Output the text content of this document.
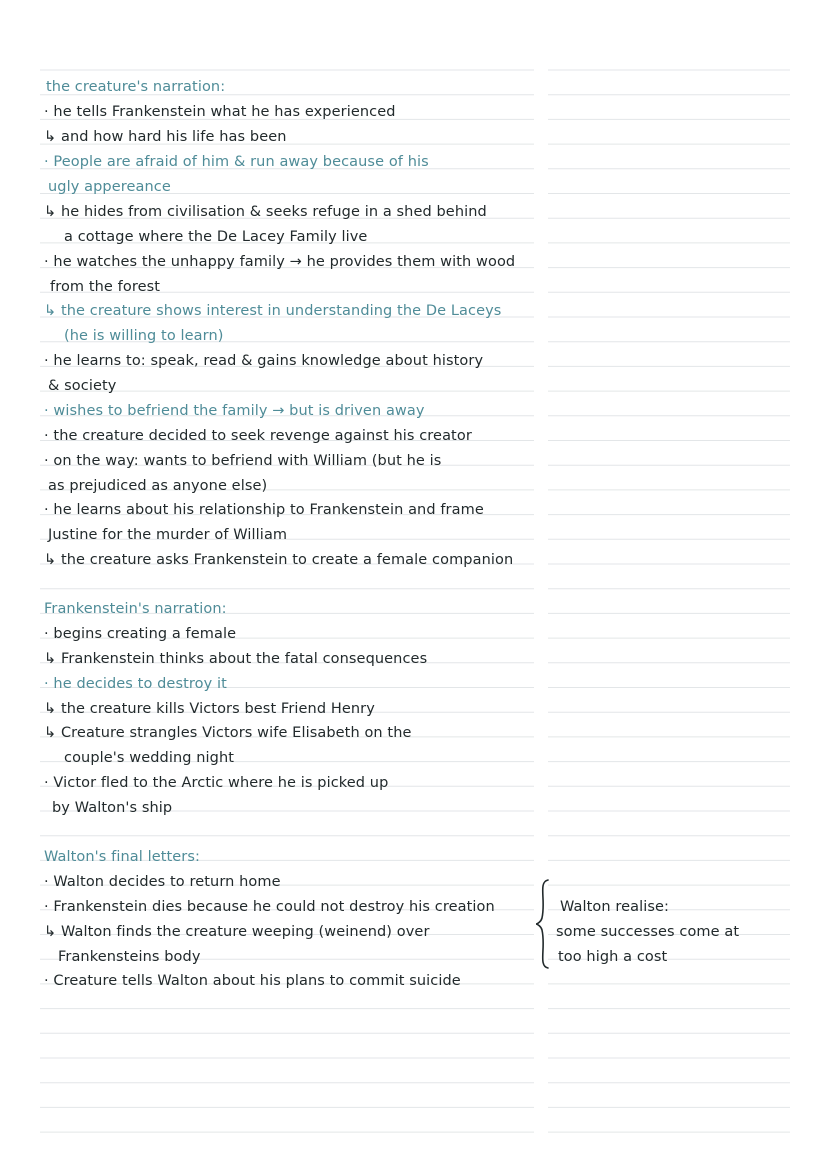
the creature's narration:
· he tells Frankenstein what he has experienced
↳ and how hard his life has been
· People are afraid of him & run away because of his
ugly appereance
↳ he hides from civilisation & seeks refuge in a shed behind
a cottage where the De Lacey Family live
· he watches the unhappy family → he provides them with wood
from the forest
↳ the creature shows interest in understanding the De Laceys
(he is willing to learn)
· he learns to: speak, read & gains knowledge about history
& society
· wishes to befriend the family → but is driven away
· the creature decided to seek revenge against his creator
· on the way: wants to befriend with William (but he is
as prejudiced as anyone else)
· he learns about his relationship to Frankenstein and frame
Justine for the murder of William
↳ the creature asks Frankenstein to create a female companion
Frankenstein's narration:
· begins creating a female
↳ Frankenstein thinks about the fatal consequences
· he decides to destroy it
↳ the creature kills Victors best Friend Henry
↳ Creature strangles Victors wife Elisabeth on the
couple's wedding night
· Victor fled to the Arctic where he is picked up
by Walton's ship
Walton's final letters:
· Walton decides to return home
· Frankenstein dies because he could not destroy his creation
↳ Walton finds the creature weeping (weinend) over
Frankensteins body
· Creature tells Walton about his plans to commit suicide
Walton realise:
some successes come at
too high a cost
